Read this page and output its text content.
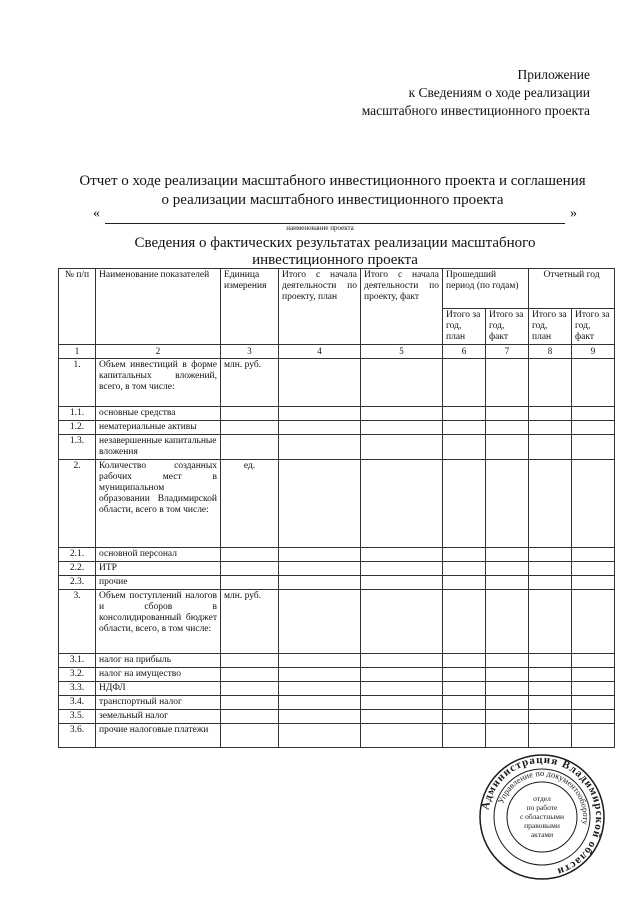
Приложение
к Сведениям о ходе реализации
масштабного инвестиционного проекта
Отчет о ходе реализации масштабного инвестиционного проекта и соглашения
о реализации масштабного инвестиционного проекта
«	»
наименование проекта
Сведения о фактических результатах реализации масштабного
инвестиционного проекта
№ п/п	Наименование показателей	Единица измерения	Итого с начала деятельности по проекту, план	Итого с начала деятельности по проекту, факт	Прошедший период (по годам)		Отчетный год	
					Итого за год, план	Итого за год, факт	Итого за год, план	Итого за год, факт
1	2	3	4	5	6	7	8	9
1.	Объем инвестиций в форме капитальных вложений, всего, в том числе:	млн. руб.						
1.1.	основные средства							
1.2.	нематериальные активы							
1.3.	незавершенные капитальные вложения							
2.	Количество созданных рабочих мест в муниципальном образовании Владимирской области, всего в том числе:	ед.						
2.1.	основной персонал							
2.2.	ИТР							
2.3.	прочие							
3.	Объем поступлений налогов и сборов в консолидированный бюджет области, всего, в том числе:	млн. руб.						
3.1.	налог на прибыль							
3.2.	налог на имущество							
3.3.	НДФЛ							
3.4.	транспортный налог							
3.5.	земельный налог							
3.6.	прочие налоговые платежи							
Администрация Владимирской области
Управление по документообороту
отдел
по работе
с областными
правовыми
актами
